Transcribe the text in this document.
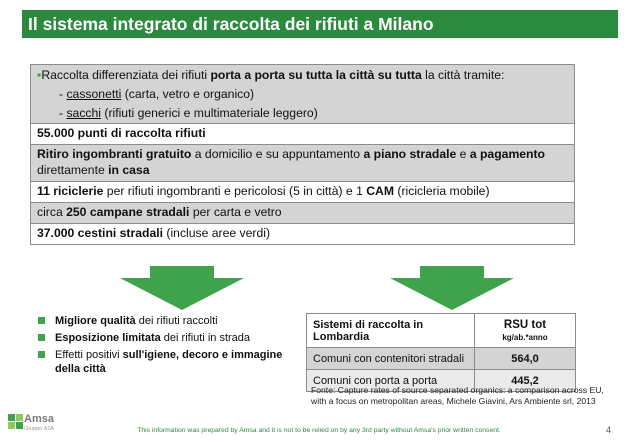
Il sistema integrato di raccolta dei rifiuti a Milano
▪Raccolta differenziata dei rifiuti porta a porta su tutta la città su tutta la città tramite:
- cassonetti (carta, vetro e organico)
- sacchi (rifiuti generici e multimateriale leggero)
55.000 punti di raccolta rifiuti
Ritiro ingombranti gratuito a domicilio e su appuntamento a piano stradale e a pagamento
direttamente in casa
11 riciclerie per rifiuti ingombranti e pericolosi (5 in città) e 1 CAM (ricicleria mobile)
circa 250 campane stradali per carta e vetro
37.000 cestini stradali (incluse aree verdi)
Migliore qualità dei rifiuti raccolti
Esposizione limitata dei rifiuti in strada
Effetti positivi sull'igiene, decoro e immagine della città
Sistemi di raccolta in Lombardia	RSU tot
kg/ab.*anno
Comuni con contenitori stradali	564,0
Comuni con porta a porta	445,2
Fonte: Capture rates of source separated organics: a comparison across EU, with a focus on metropolitan areas, Michele Giavini, Ars Ambiente srl, 2013
Amsa
Gruppo A2A	This information was prepared by Amsa and it is not to be relied on by any 3rd party without Amsa's prior written consent.	4
